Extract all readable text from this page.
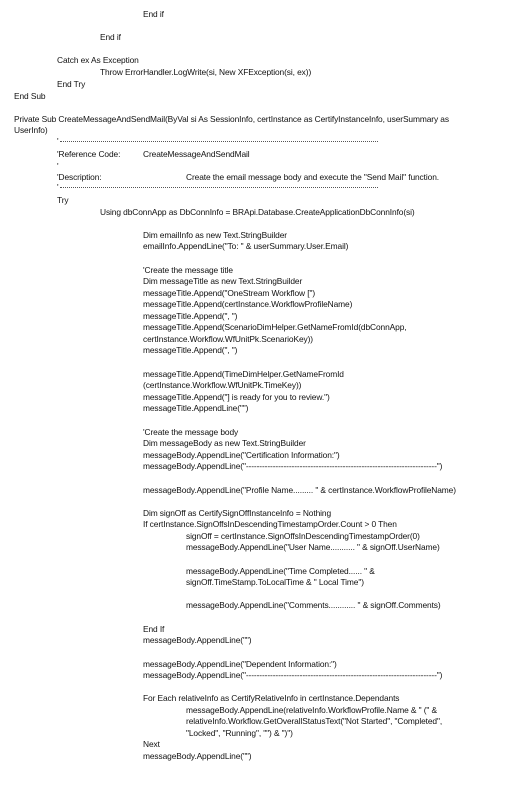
End if
End if
Catch ex As Exception
Throw ErrorHandler.LogWrite(si, New XFException(si, ex))
End Try
End Sub
Private Sub CreateMessageAndSendMail(ByVal si As SessionInfo, certInstance as CertifyInstanceInfo, userSummary as
UserInfo)
'
'Reference Code:	CreateMessageAndSendMail
'
'Description:	Create the email message body and execute the "Send Mail" function.
'
Try
Using dbConnApp as DbConnInfo = BRApi.Database.CreateApplicationDbConnInfo(si)
Dim emailInfo as new Text.StringBuilder
emailInfo.AppendLine("To: " & userSummary.User.Email)
'Create the message title
Dim messageTitle as new Text.StringBuilder
messageTitle.Append("OneStream Workflow [")
messageTitle.Append(certInstance.WorkflowProfileName)
messageTitle.Append(", ")
messageTitle.Append(ScenarioDimHelper.GetNameFromId(dbConnApp,
certInstance.Workflow.WfUnitPk.ScenarioKey))
messageTitle.Append(", ")
messageTitle.Append(TimeDimHelper.GetNameFromId
(certInstance.Workflow.WfUnitPk.TimeKey))
messageTitle.Append("] is ready for you to review.")
messageTitle.AppendLine("")
'Create the message body
Dim messageBody as new Text.StringBuilder
messageBody.AppendLine("Certification Information:")
messageBody.AppendLine("-----------------------------------------------------------------------")
messageBody.AppendLine("Profile Name......... " & certInstance.WorkflowProfileName)
Dim signOff as CertifySignOffInstanceInfo = Nothing
If certInstance.SignOffsInDescendingTimestampOrder.Count > 0 Then
signOff = certInstance.SignOffsInDescendingTimestampOrder(0)
messageBody.AppendLine("User Name........... " & signOff.UserName)
messageBody.AppendLine("Time Completed...... " &
signOff.TimeStamp.ToLocalTime & " Local Time")
messageBody.AppendLine("Comments............ " & signOff.Comments)
End If
messageBody.AppendLine("")
messageBody.AppendLine("Dependent Information:")
messageBody.AppendLine("-----------------------------------------------------------------------")
For Each relativeInfo as CertifyRelativeInfo in certInstance.Dependants
messageBody.AppendLine(relativeInfo.WorkflowProfile.Name & " (" &
relativeInfo.Workflow.GetOverallStatusText("Not Started", "Completed",
"Locked", "Running", "") & ")")
Next
messageBody.AppendLine("")
